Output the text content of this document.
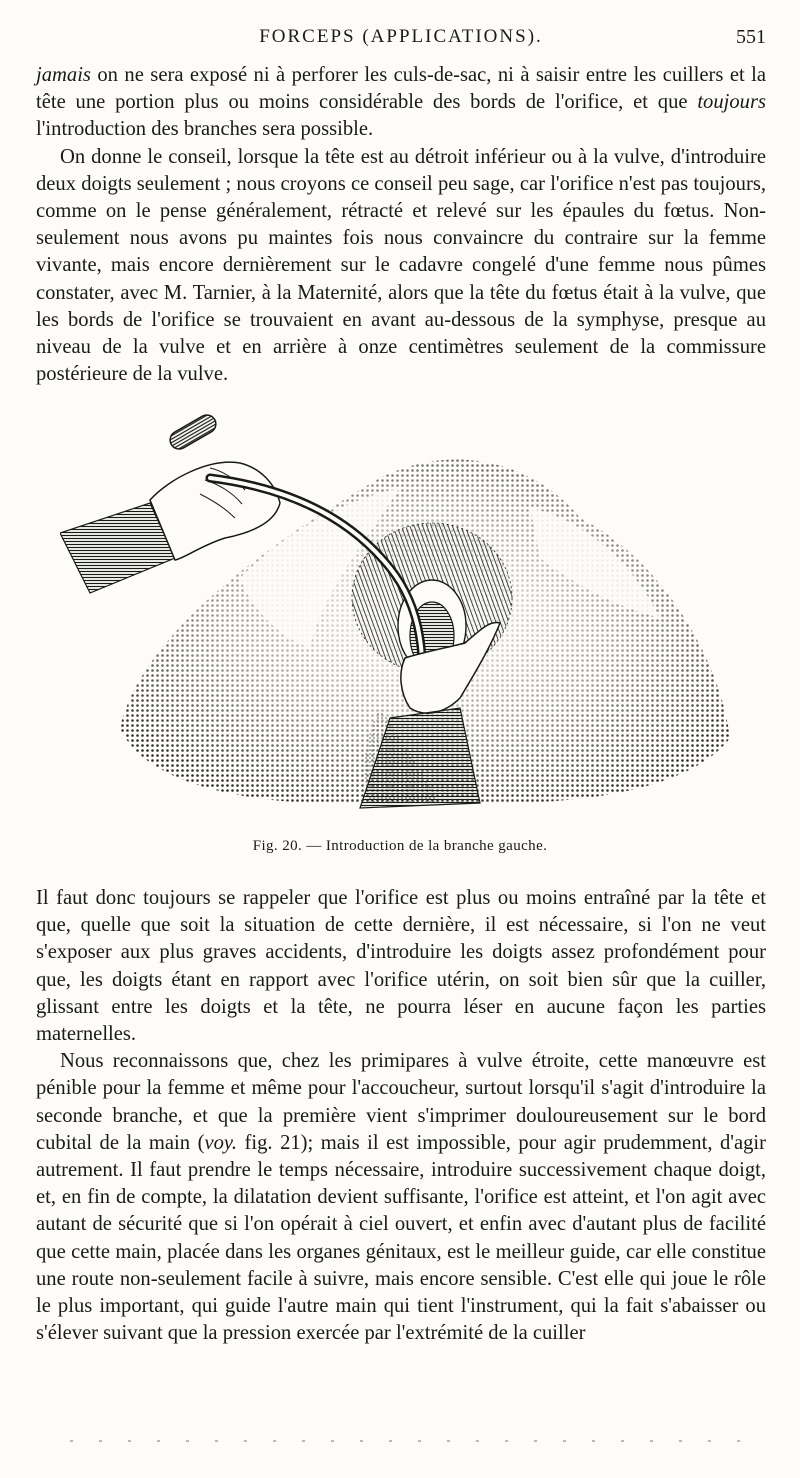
FORCEPS (APPLICATIONS).	551

jamais on ne sera exposé ni à perforer les culs-de-sac, ni à saisir entre les cuillers et la tête une portion plus ou moins considérable des bords de l'orifice, et que toujours l'introduction des branches sera possible.

On donne le conseil, lorsque la tête est au détroit inférieur ou à la vulve, d'introduire deux doigts seulement ; nous croyons ce conseil peu sage, car l'orifice n'est pas toujours, comme on le pense généralement, rétracté et relevé sur les épaules du fœtus. Non-seulement nous avons pu maintes fois nous convaincre du contraire sur la femme vivante, mais encore dernièrement sur le cadavre congelé d'une femme nous pûmes constater, avec M. Tarnier, à la Maternité, alors que la tête du fœtus était à la vulve, que les bords de l'orifice se trouvaient en avant au-dessous de la symphyse, presque au niveau de la vulve et en arrière à onze centimètres seulement de la commissure postérieure de la vulve.

Fig. 20. — Introduction de la branche gauche.

Il faut donc toujours se rappeler que l'orifice est plus ou moins entraîné par la tête et que, quelle que soit la situation de cette dernière, il est nécessaire, si l'on ne veut s'exposer aux plus graves accidents, d'introduire les doigts assez profondément pour que, les doigts étant en rapport avec l'orifice utérin, on soit bien sûr que la cuiller, glissant entre les doigts et la tête, ne pourra léser en aucune façon les parties maternelles.

Nous reconnaissons que, chez les primipares à vulve étroite, cette manœuvre est pénible pour la femme et même pour l'accoucheur, surtout lorsqu'il s'agit d'introduire la seconde branche, et que la première vient s'imprimer douloureusement sur le bord cubital de la main (voy. fig. 21); mais il est impossible, pour agir prudemment, d'agir autrement. Il faut prendre le temps nécessaire, introduire successivement chaque doigt, et, en fin de compte, la dilatation devient suffisante, l'orifice est atteint, et l'on agit avec autant de sécurité que si l'on opérait à ciel ouvert, et enfin avec d'autant plus de facilité que cette main, placée dans les organes génitaux, est le meilleur guide, car elle constitue une route non-seulement facile à suivre, mais encore sensible. C'est elle qui joue le rôle le plus important, qui guide l'autre main qui tient l'instrument, qui la fait s'abaisser ou s'élever suivant que la pression exercée par l'extrémité de la cuiller
